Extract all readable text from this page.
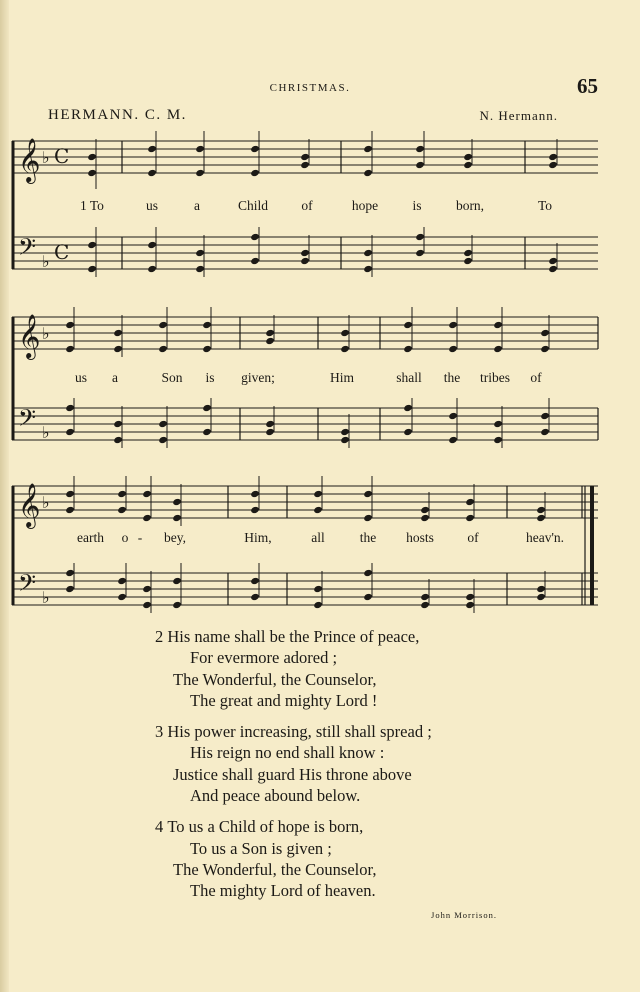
CHRISTMAS.	65
HERMANN. C. M.	N. Hermann.
𝄞 ♭ C
𝄢 ♭ C
1 To	us	a	Child of	hope	is	born,	To
𝄞 ♭
𝄢 ♭
us a	Son is given;	Him	shall the tribes of
𝄞 ♭
𝄢 ♭
earth o - bey,	Him,	all	the hosts of	heav'n.
2 His name shall be the Prince of peace,
For evermore adored ;
The Wonderful, the Counselor,
The great and mighty Lord !
3 His power increasing, still shall spread ;
His reign no end shall know :
Justice shall guard His throne above
And peace abound below.
4 To us a Child of hope is born,
To us a Son is given ;
The Wonderful, the Counselor,
The mighty Lord of heaven.
John Morrison.
